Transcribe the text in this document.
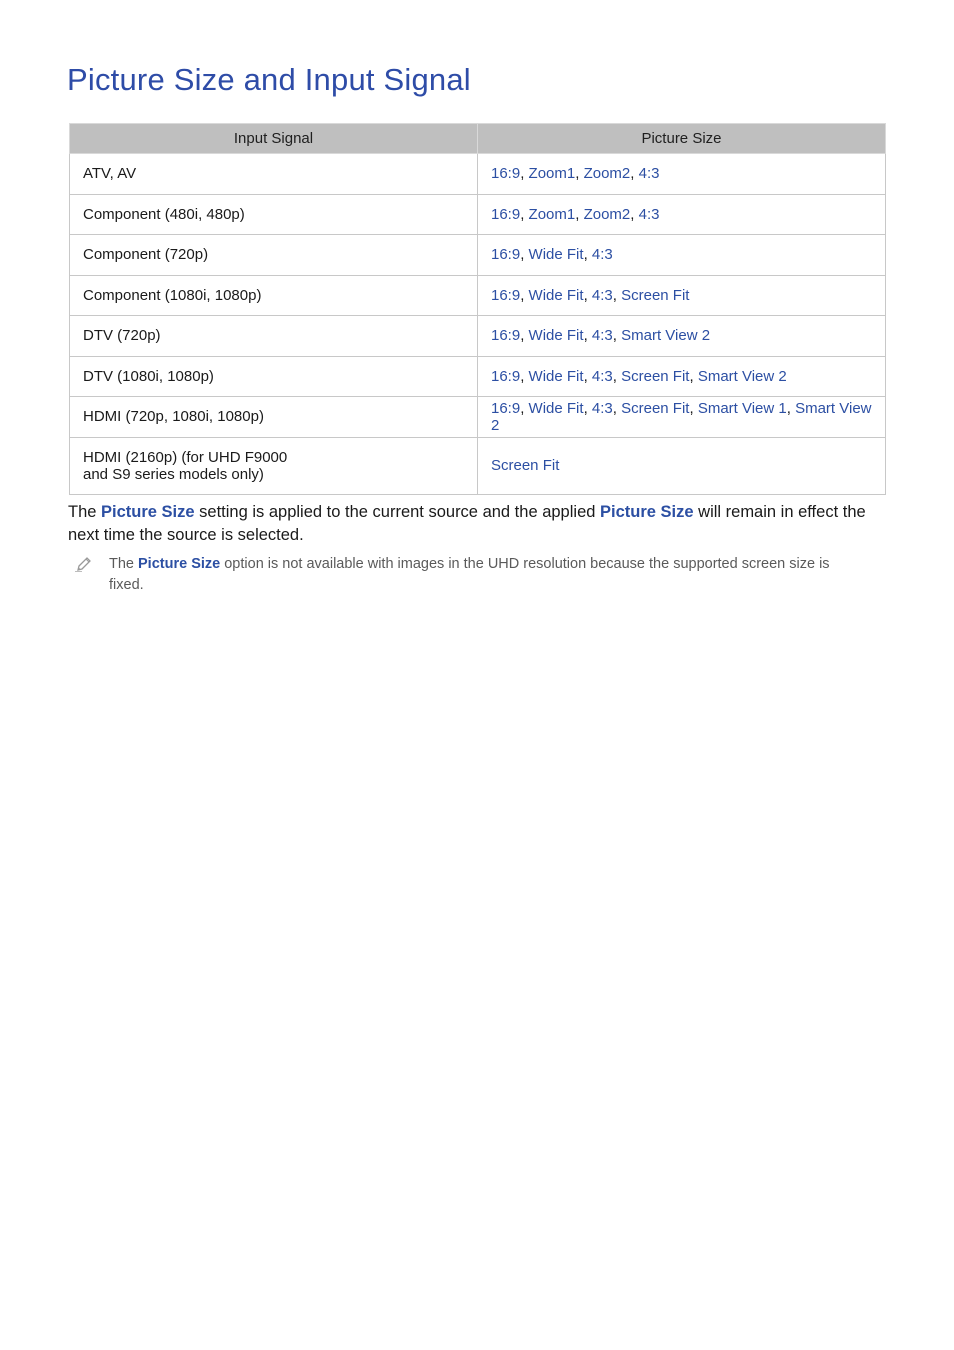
Picture Size and Input Signal
Input Signal	Picture Size
ATV, AV	16:9, Zoom1, Zoom2, 4:3
Component (480i, 480p)	16:9, Zoom1, Zoom2, 4:3
Component (720p)	16:9, Wide Fit, 4:3
Component (1080i, 1080p)	16:9, Wide Fit, 4:3, Screen Fit
DTV (720p)	16:9, Wide Fit, 4:3, Smart View 2
DTV (1080i, 1080p)	16:9, Wide Fit, 4:3, Screen Fit, Smart View 2
HDMI (720p, 1080i, 1080p)	16:9, Wide Fit, 4:3, Screen Fit, Smart View 1, Smart View 2
HDMI (2160p) (for UHD F9000
and S9 series models only)	Screen Fit

The Picture Size setting is applied to the current source and the applied Picture Size will remain in effect the next time the source is selected.

The Picture Size option is not available with images in the UHD resolution because the supported screen size is fixed.
